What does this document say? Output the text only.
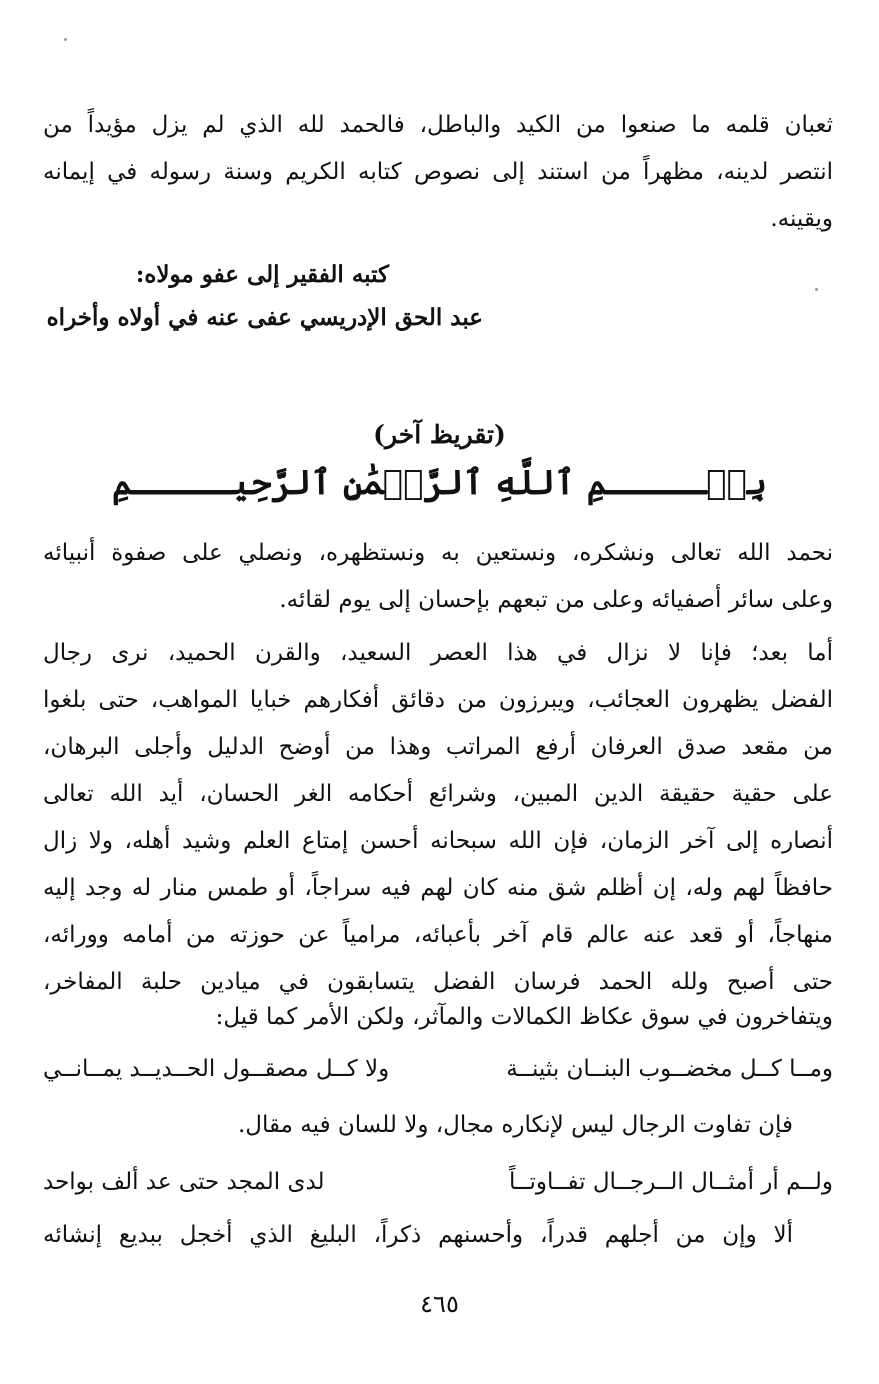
ثعبان قلمه ما صنعوا من الكيد والباطل، فالحمد لله الذي لم يزل مؤيداً من
انتصر لدينه، مظهراً من استند إلى نصوص كتابه الكريم وسنة رسوله في إيمانه
ويقينه.
كتبه الفقير إلى عفو مولاه:
عبد الحق الإدريسي عفى عنه في أولاه وأخراه
(تقريظ آخر)
بِسۡـــــمِ ٱللَّهِ ٱلرَّحۡمَٰنِ ٱلرَّحِيـــــمِ
نحمد الله تعالى ونشكره، ونستعين به ونستظهره، ونصلي على صفوة أنبيائه
وعلى سائر أصفيائه وعلى من تبعهم بإحسان إلى يوم لقائه.
أما بعد؛ فإنا لا نزال في هذا العصر السعيد، والقرن الحميد، نرى رجال
الفضل يظهرون العجائب، ويبرزون من دقائق أفكارهم خبايا المواهب، حتى بلغوا
من مقعد صدق العرفان أرفع المراتب وهذا من أوضح الدليل وأجلى البرهان،
على حقية حقيقة الدين المبين، وشرائع أحكامه الغر الحسان، أيد الله تعالى
أنصاره إلى آخر الزمان، فإن الله سبحانه أحسن إمتاع العلم وشيد أهله، ولا زال
حافظاً لهم وله، إن أظلم شق منه كان لهم فيه سراجاً، أو طمس منار له وجد إليه
منهاجاً، أو قعد عنه عالم قام آخر بأعبائه، مرامياً عن حوزته من أمامه وورائه،
حتى أصبح ولله الحمد فرسان الفضل يتسابقون في ميادين حلبة المفاخر،
ويتفاخرون في سوق عكاظ الكمالات والمآثر، ولكن الأمر كما قيل:
ومــا كــل مخضــوب البنــان بثينــة
ولا كــل مصقــول الحــديــد يمــانــي
فإن تفاوت الرجال ليس لإنكاره مجال، ولا للسان فيه مقال.
ولــم أر أمثــال الــرجــال تفــاوتــاً
لدى المجد حتى عد ألف بواحد
ألا وإن من أجلهم قدراً، وأحسنهم ذكراً، البليغ الذي أخجل ببديع إنشائه
٤٦٥
